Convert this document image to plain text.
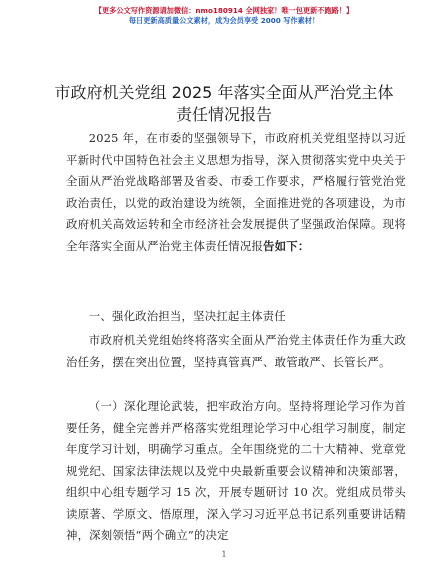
【更多公文写作资源请加微信：nmo180914 全网独家！唯一包更新不跑路！】
每日更新高质量公文素材，成为会员享受 2000 写作素材！
市政府机关党组 2025 年落实全面从严治党主体
责任情况报告
2025 年，在市委的坚强领导下，市政府机关党组坚持以习近平新时代中国特色社会主义思想为指导，深入贯彻落实党中央关于全面从严治党战略部署及省委、市委工作要求，严格履行管党治党政治责任，以党的政治建设为统领，全面推进党的各项建设，为市政府机关高效运转和全市经济社会发展提供了坚强政治保障。现将全年落实全面从严治党主体责任情况报告如下：
一、强化政治担当，坚决扛起主体责任
市政府机关党组始终将落实全面从严治党主体责任作为重大政治任务，摆在突出位置，坚持真管真严、敢管敢严、长管长严。
（一）深化理论武装，把牢政治方向。坚持将理论学习作为首要任务，健全完善并严格落实党组理论学习中心组学习制度，制定年度学习计划，明确学习重点。全年围绕党的二十大精神、党章党规党纪、国家法律法规以及党中央最新重要会议精神和决策部署，组织中心组专题学习 15 次，开展专题研讨 10 次。党组成员带头读原著、学原文、悟原理，深入学习习近平总书记系列重要讲话精神，深刻领悟“两个确立”的决定
1
